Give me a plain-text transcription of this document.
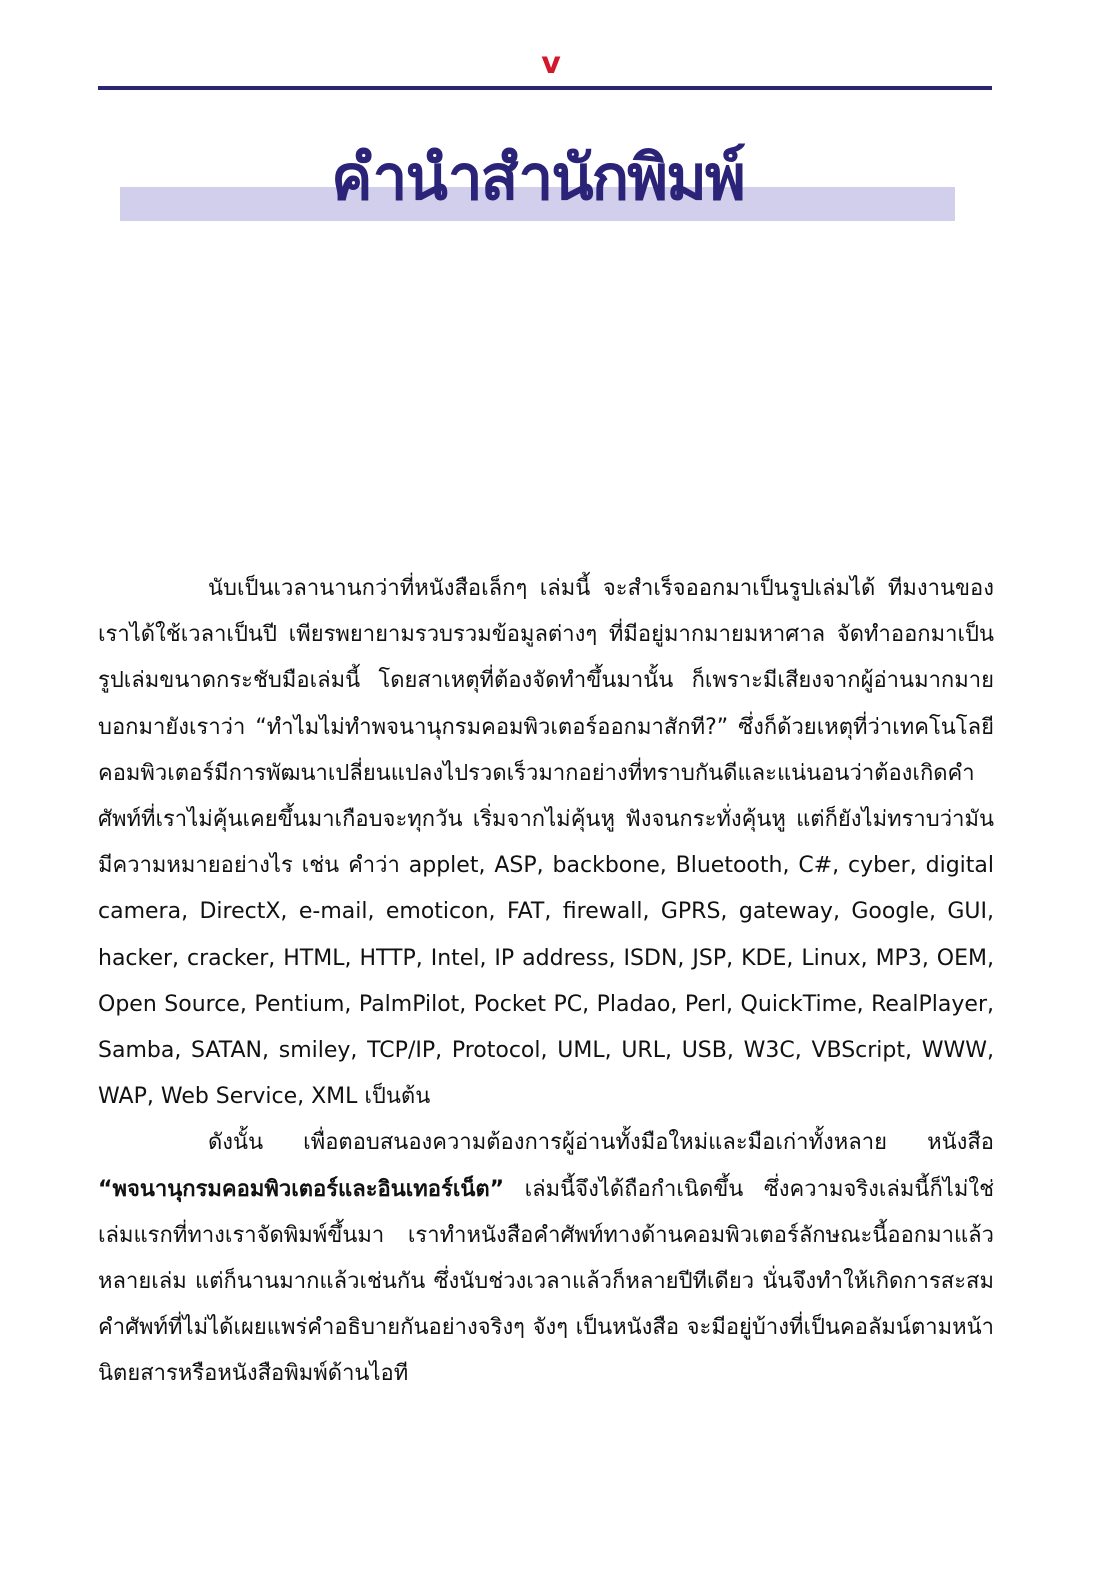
v
คำนำสำนักพิมพ์

นับเป็นเวลานานกว่าที่หนังสือเล็กๆ เล่มนี้ จะสำเร็จออกมาเป็นรูปเล่มได้ ทีมงานของเราได้ใช้เวลาเป็นปี เพียรพยายามรวบรวมข้อมูลต่างๆ ที่มีอยู่มากมายมหาศาล จัดทำออกมาเป็นรูปเล่มขนาดกระชับมือเล่มนี้ โดยสาเหตุที่ต้องจัดทำขึ้นมานั้น ก็เพราะมีเสียงจากผู้อ่านมากมายบอกมายังเราว่า “ทำไมไม่ทำพจนานุกรมคอมพิวเตอร์ออกมาสักที?” ซึ่งก็ด้วยเหตุที่ว่าเทคโนโลยีคอมพิวเตอร์มีการพัฒนาเปลี่ยนแปลงไปรวดเร็วมากอย่างที่ทราบกันดีและแน่นอนว่าต้องเกิดคำศัพท์ที่เราไม่คุ้นเคยขึ้นมาเกือบจะทุกวัน เริ่มจากไม่คุ้นหู ฟังจนกระทั่งคุ้นหู แต่ก็ยังไม่ทราบว่ามันมีความหมายอย่างไร เช่น คำว่า applet, ASP, backbone, Bluetooth, C#, cyber, digital camera, DirectX, e-mail, emoticon, FAT, firewall, GPRS, gateway, Google, GUI, hacker, cracker, HTML, HTTP, Intel, IP address, ISDN, JSP, KDE, Linux, MP3, OEM, Open Source, Pentium, PalmPilot, Pocket PC, Pladao, Perl, QuickTime, RealPlayer, Samba, SATAN, smiley, TCP/IP, Protocol, UML, URL, USB, W3C, VBScript, WWW, WAP, Web Service, XML เป็นต้น

ดังนั้น เพื่อตอบสนองความต้องการผู้อ่านทั้งมือใหม่และมือเก่าทั้งหลาย หนังสือ “พจนานุกรมคอมพิวเตอร์และอินเทอร์เน็ต” เล่มนี้จึงได้ถือกำเนิดขึ้น ซึ่งความจริงเล่มนี้ก็ไม่ใช่เล่มแรกที่ทางเราจัดพิมพ์ขึ้นมา เราทำหนังสือคำศัพท์ทางด้านคอมพิวเตอร์ลักษณะนี้ออกมาแล้วหลายเล่ม แต่ก็นานมากแล้วเช่นกัน ซึ่งนับช่วงเวลาแล้วก็หลายปีทีเดียว นั่นจึงทำให้เกิดการสะสมคำศัพท์ที่ไม่ได้เผยแพร่คำอธิบายกันอย่างจริงๆ จังๆ เป็นหนังสือ จะมีอยู่บ้างที่เป็นคอลัมน์ตามหน้านิตยสารหรือหนังสือพิมพ์ด้านไอที
